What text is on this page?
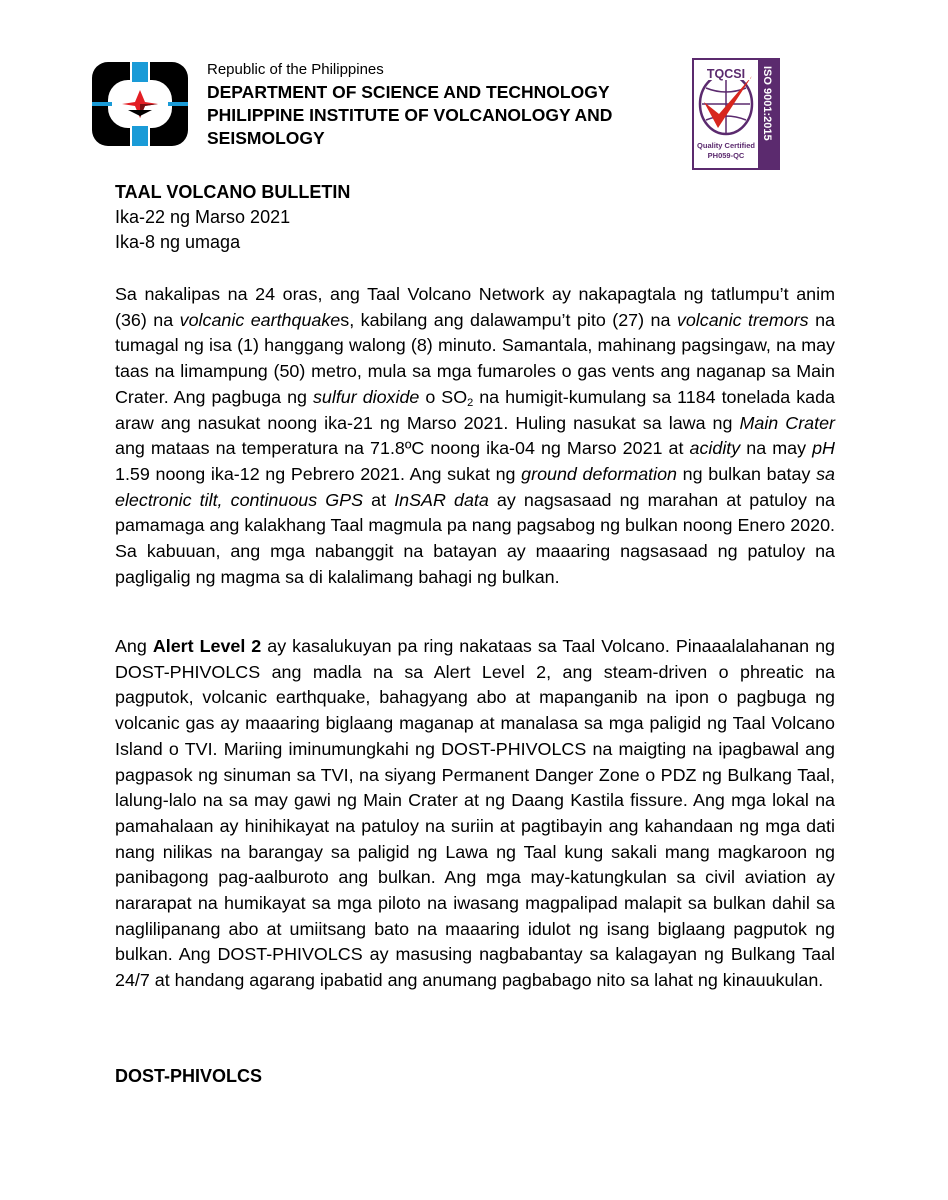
Republic of the Philippines
DEPARTMENT OF SCIENCE AND TECHNOLOGY
PHILIPPINE INSTITUTE OF VOLCANOLOGY AND
SEISMOLOGY	ISO 9001:2015
TQCSI
Quality Certified
PH059-QC
TAAL VOLCANO BULLETIN
Ika-22 ng Marso 2021
Ika-8 ng umaga

Sa nakalipas na 24 oras, ang Taal Volcano Network ay nakapagtala ng tatlumpu’t anim (36) na volcanic earthquakes, kabilang ang dalawampu’t pito (27) na volcanic tremors na tumagal ng isa (1) hanggang walong (8) minuto. Samantala, mahinang pagsingaw, na may taas na limampung (50) metro, mula sa mga fumaroles o gas vents ang naganap sa Main Crater. Ang pagbuga ng sulfur dioxide o $SO_2$ na humigit-kumulang sa 1184 tonelada kada araw ang nasukat noong ika-21 ng Marso 2021. Huling nasukat sa lawa ng Main Crater ang mataas na temperatura na 71.8ºC noong ika-04 ng Marso 2021 at acidity na may pH 1.59 noong ika-12 ng Pebrero 2021. Ang sukat ng ground deformation ng bulkan batay sa electronic tilt, continuous GPS at InSAR data ay nagsasaad ng marahan at patuloy na pamamaga ang kalakhang Taal magmula pa nang pagsabog ng bulkan noong Enero 2020. Sa kabuuan, ang mga nabanggit na batayan ay maaaring nagsasaad ng patuloy na pagligalig ng magma sa di kalalimang bahagi ng bulkan.

Ang Alert Level 2 ay kasalukuyan pa ring nakataas sa Taal Volcano. Pinaaalalahanan ng DOST-PHIVOLCS ang madla na sa Alert Level 2, ang steam-driven o phreatic na pagputok, volcanic earthquake, bahagyang abo at mapanganib na ipon o pagbuga ng volcanic gas ay maaaring biglaang maganap at manalasa sa mga paligid ng Taal Volcano Island o TVI. Mariing iminumungkahi ng DOST-PHIVOLCS na maigting na ipagbawal ang pagpasok ng sinuman sa TVI, na siyang Permanent Danger Zone o PDZ ng Bulkang Taal, lalung-lalo na sa may gawi ng Main Crater at ng Daang Kastila fissure. Ang mga lokal na pamahalaan ay hinihikayat na patuloy na suriin at pagtibayin ang kahandaan ng mga dati nang nilikas na barangay sa paligid ng Lawa ng Taal kung sakali mang magkaroon ng panibagong pag-aalburoto ang bulkan. Ang mga may-katungkulan sa civil aviation ay nararapat na humikayat sa mga piloto na iwasang magpalipad malapit sa bulkan dahil sa naglilipanang abo at umiitsang bato na maaaring idulot ng isang biglaang pagputok ng bulkan. Ang DOST-PHIVOLCS ay masusing nagbabantay sa kalagayan ng Bulkang Taal 24/7 at handang agarang ipabatid ang anumang pagbabago nito sa lahat ng kinauukulan.

DOST-PHIVOLCS
